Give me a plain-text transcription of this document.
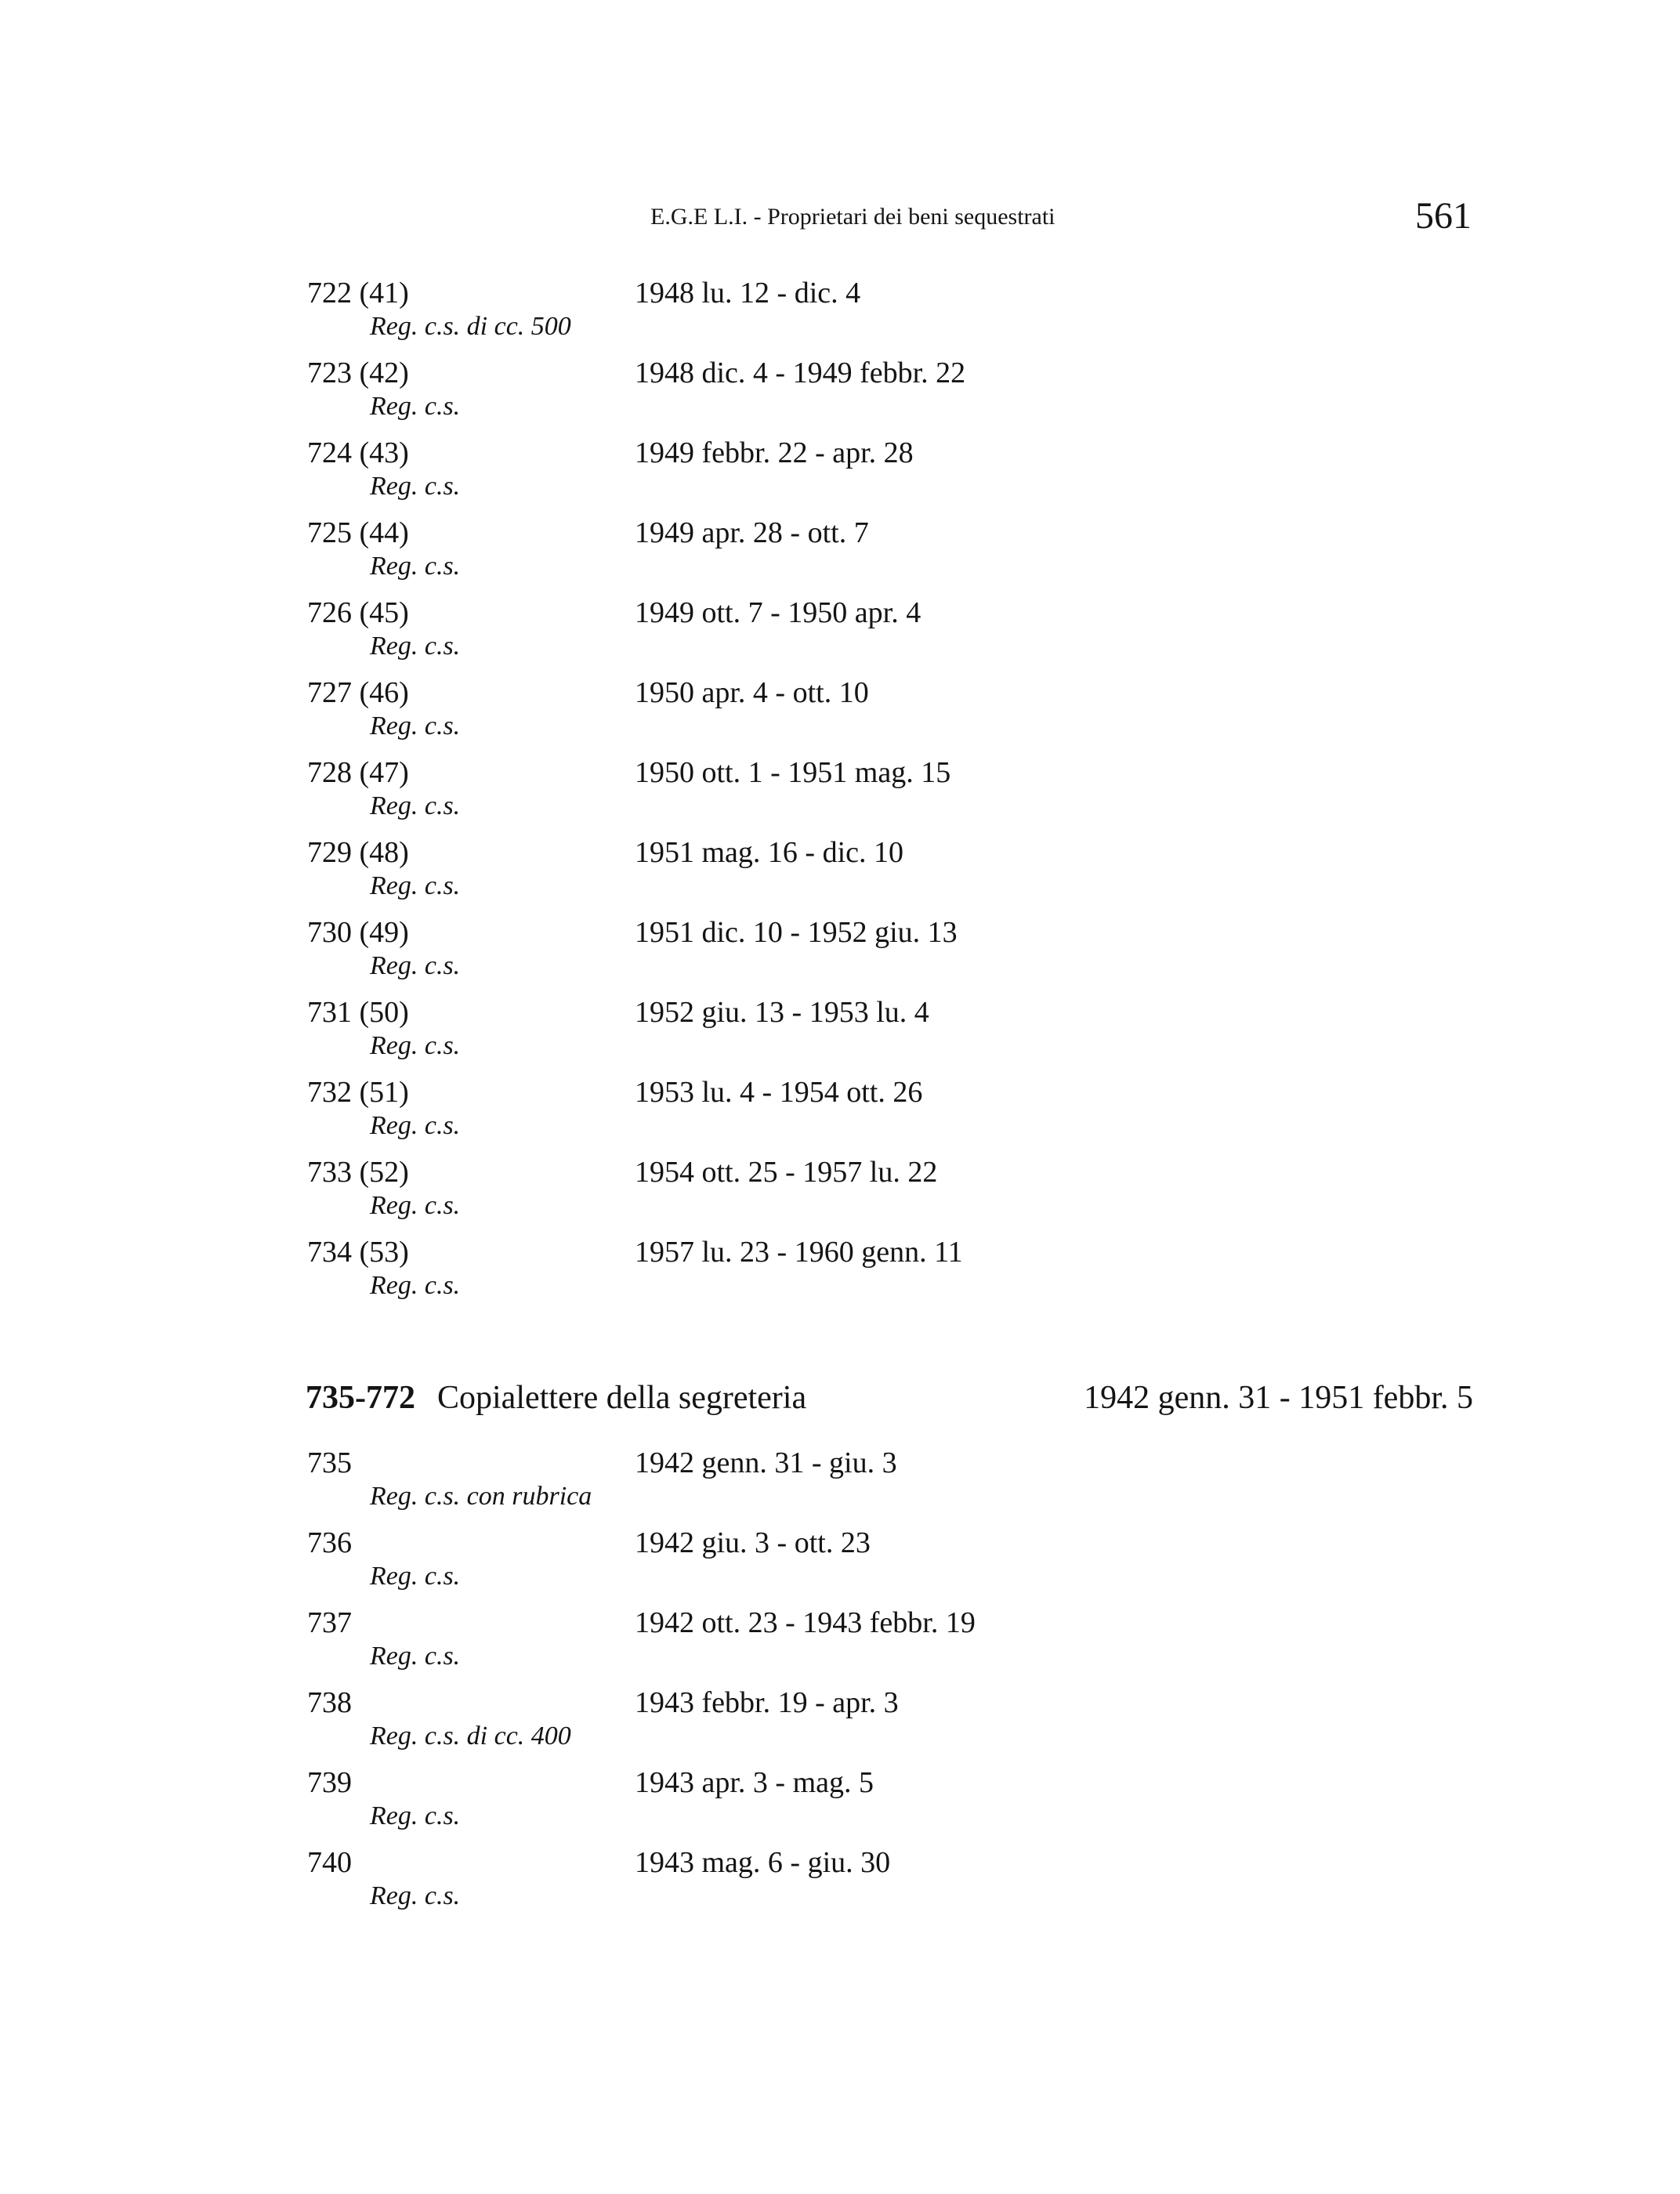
E.G.E L.I. - Proprietari dei beni sequestrati	561
722 (41)	1948 lu. 12 - dic. 4
Reg. c.s. di cc. 500
723 (42)	1948 dic. 4 - 1949 febbr. 22
Reg. c.s.
724 (43)	1949 febbr. 22 - apr. 28
Reg. c.s.
725 (44)	1949 apr. 28 - ott. 7
Reg. c.s.
726 (45)	1949 ott. 7 - 1950 apr. 4
Reg. c.s.
727 (46)	1950 apr. 4 - ott. 10
Reg. c.s.
728 (47)	1950 ott. 1 - 1951 mag. 15
Reg. c.s.
729 (48)	1951 mag. 16 - dic. 10
Reg. c.s.
730 (49)	1951 dic. 10 - 1952 giu. 13
Reg. c.s.
731 (50)	1952 giu. 13 - 1953 lu. 4
Reg. c.s.
732 (51)	1953 lu. 4 - 1954 ott. 26
Reg. c.s.
733 (52)	1954 ott. 25 - 1957 lu. 22
Reg. c.s.
734 (53)	1957 lu. 23 - 1960 genn. 11
Reg. c.s.
735-772 Copialettere della segreteria	1942 genn. 31 - 1951 febbr. 5
735	1942 genn. 31 - giu. 3
Reg. c.s. con rubrica
736	1942 giu. 3 - ott. 23
Reg. c.s.
737	1942 ott. 23 - 1943 febbr. 19
Reg. c.s.
738	1943 febbr. 19 - apr. 3
Reg. c.s. di cc. 400
739	1943 apr. 3 - mag. 5
Reg. c.s.
740	1943 mag. 6 - giu. 30
Reg. c.s.
